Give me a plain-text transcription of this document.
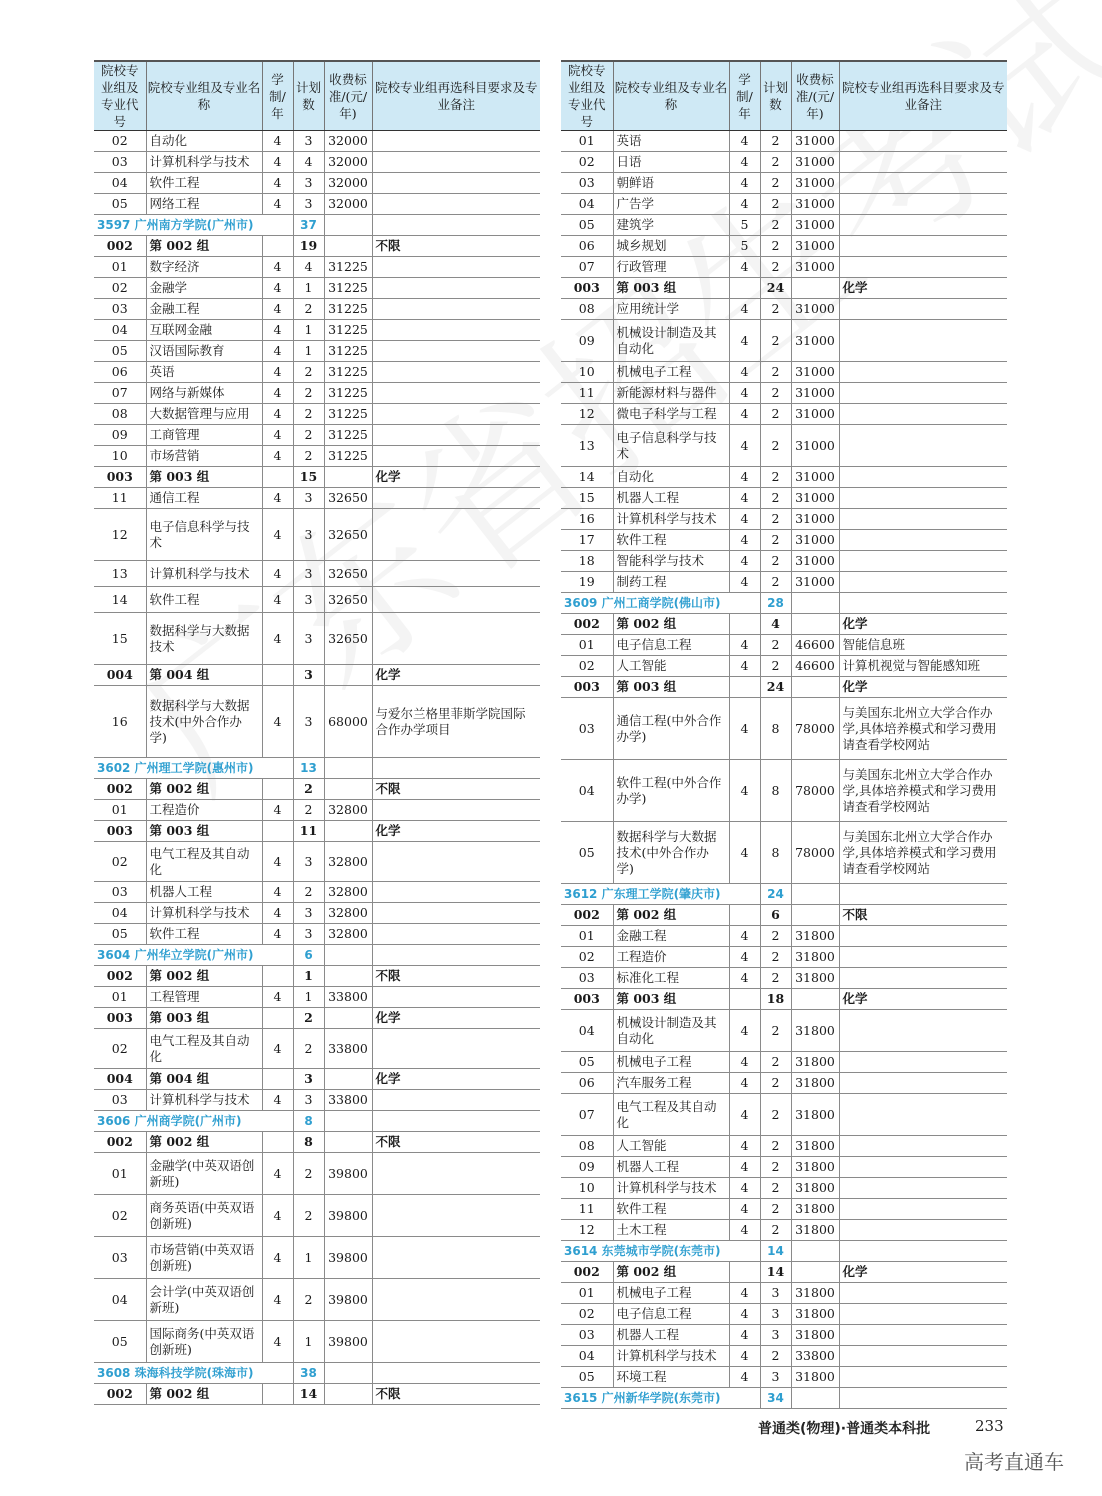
院校专业组及专业代号	院校专业组及专业名称	学制/年	计划数	收费标准/(元/年)	院校专业组再选科目要求及专业备注
02	自动化	4	3	32000	
03	计算机科学与技术	4	4	32000	
04	软件工程	4	3	32000	
05	网络工程	4	3	32000	
3597 广州南方学院(广州市)			37		
002	第 002 组		19		不限
01	数字经济	4	4	31225	
02	金融学	4	1	31225	
03	金融工程	4	2	31225	
04	互联网金融	4	1	31225	
05	汉语国际教育	4	1	31225	
06	英语	4	2	31225	
07	网络与新媒体	4	2	31225	
08	大数据管理与应用	4	2	31225	
09	工商管理	4	2	31225	
10	市场营销	4	2	31225	
003	第 003 组		15		化学
11	通信工程	4	3	32650	
12	电子信息科学与技术	4	3	32650	
13	计算机科学与技术	4	3	32650	
14	软件工程	4	3	32650	
15	数据科学与大数据技术	4	3	32650	
004	第 004 组		3		化学
16	数据科学与大数据技术(中外合作办学)	4	3	68000	与爱尔兰格里菲斯学院国际合作办学项目
3602 广州理工学院(惠州市)			13		
002	第 002 组		2		不限
01	工程造价	4	2	32800	
003	第 003 组		11		化学
02	电气工程及其自动化	4	3	32800	
03	机器人工程	4	2	32800	
04	计算机科学与技术	4	3	32800	
05	软件工程	4	3	32800	
3604 广州华立学院(广州市)			6		
002	第 002 组		1		不限
01	工程管理	4	1	33800	
003	第 003 组		2		化学
02	电气工程及其自动化	4	2	33800	
004	第 004 组		3		化学
03	计算机科学与技术	4	3	33800	
3606 广州商学院(广州市)			8		
002	第 002 组		8		不限
01	金融学(中英双语创新班)	4	2	39800	
02	商务英语(中英双语创新班)	4	2	39800	
03	市场营销(中英双语创新班)	4	1	39800	
04	会计学(中英双语创新班)	4	2	39800	
05	国际商务(中英双语创新班)	4	1	39800	
3608 珠海科技学院(珠海市)			38		
002	第 002 组		14		不限
院校专业组及专业代号	院校专业组及专业名称	学制/年	计划数	收费标准/(元/年)	院校专业组再选科目要求及专业备注
01	英语	4	2	31000	
02	日语	4	2	31000	
03	朝鲜语	4	2	31000	
04	广告学	4	2	31000	
05	建筑学	5	2	31000	
06	城乡规划	5	2	31000	
07	行政管理	4	2	31000	
003	第 003 组		24		化学
08	应用统计学	4	2	31000	
09	机械设计制造及其自动化	4	2	31000	
10	机械电子工程	4	2	31000	
11	新能源材料与器件	4	2	31000	
12	微电子科学与工程	4	2	31000	
13	电子信息科学与技术	4	2	31000	
14	自动化	4	2	31000	
15	机器人工程	4	2	31000	
16	计算机科学与技术	4	2	31000	
17	软件工程	4	2	31000	
18	智能科学与技术	4	2	31000	
19	制药工程	4	2	31000	
3609 广州工商学院(佛山市)			28		
002	第 002 组		4		化学
01	电子信息工程	4	2	46600	智能信息班
02	人工智能	4	2	46600	计算机视觉与智能感知班
003	第 003 组		24		化学
03	通信工程(中外合作办学)	4	8	78000	与美国东北州立大学合作办学,具体培养模式和学习费用请查看学校网站
04	软件工程(中外合作办学)	4	8	78000	与美国东北州立大学合作办学,具体培养模式和学习费用请查看学校网站
05	数据科学与大数据技术(中外合作办学)	4	8	78000	与美国东北州立大学合作办学,具体培养模式和学习费用请查看学校网站
3612 广东理工学院(肇庆市)			24		
002	第 002 组		6		不限
01	金融工程	4	2	31800	
02	工程造价	4	2	31800	
03	标准化工程	4	2	31800	
003	第 003 组		18		化学
04	机械设计制造及其自动化	4	2	31800	
05	机械电子工程	4	2	31800	
06	汽车服务工程	4	2	31800	
07	电气工程及其自动化	4	2	31800	
08	人工智能	4	2	31800	
09	机器人工程	4	2	31800	
10	计算机科学与技术	4	2	31800	
11	软件工程	4	2	31800	
12	土木工程	4	2	31800	
3614 东莞城市学院(东莞市)			14		
002	第 002 组		14		化学
01	机械电子工程	4	3	31800	
02	电子信息工程	4	3	31800	
03	机器人工程	4	3	31800	
04	计算机科学与技术	4	2	33800	
05	环境工程	4	3	31800	
3615 广州新华学院(东莞市)			34		
普通类(物理)·普通类本科批	233
高考直通车
